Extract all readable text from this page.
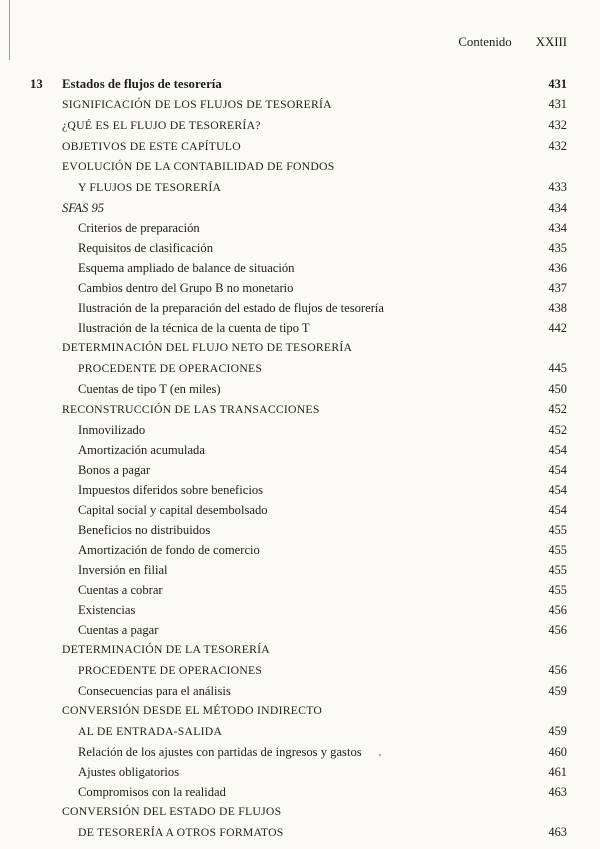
Contenido XXIII
13 Estados de flujos de tesorería	431
SIGNIFICACIÓN DE LOS FLUJOS DE TESORERÍA	431
¿QUÉ ES EL FLUJO DE TESORERÍA?	432
OBJETIVOS DE ESTE CAPÍTULO	432
EVOLUCIÓN DE LA CONTABILIDAD DE FONDOS
Y FLUJOS DE TESORERÍA	433
SFAS 95	434
Criterios de preparación	434
Requisitos de clasificación	435
Esquema ampliado de balance de situación	436
Cambios dentro del Grupo B no monetario	437
Ilustración de la preparación del estado de flujos de tesorería	438
Ilustración de la técnica de la cuenta de tipo T	442
DETERMINACIÓN DEL FLUJO NETO DE TESORERÍA
PROCEDENTE DE OPERACIONES	445
Cuentas de tipo T (en miles)	450
RECONSTRUCCIÓN DE LAS TRANSACCIONES	452
Inmovilizado	452
Amortización acumulada	454
Bonos a pagar	454
Impuestos diferidos sobre beneficios	454
Capital social y capital desembolsado	454
Beneficios no distribuidos	455
Amortización de fondo de comercio	455
Inversión en filial	455
Cuentas a cobrar	455
Existencias	456
Cuentas a pagar	456
DETERMINACIÓN DE LA TESORERÍA
PROCEDENTE DE OPERACIONES	456
Consecuencias para el análisis	459
CONVERSIÓN DESDE EL MÉTODO INDIRECTO
AL DE ENTRADA-SALIDA	459
Relación de los ajustes con partidas de ingresos y gastos	460
Ajustes obligatorios	461
Compromisos con la realidad	463
CONVERSIÓN DEL ESTADO DE FLUJOS
DE TESORERÍA A OTROS FORMATOS	463
’
